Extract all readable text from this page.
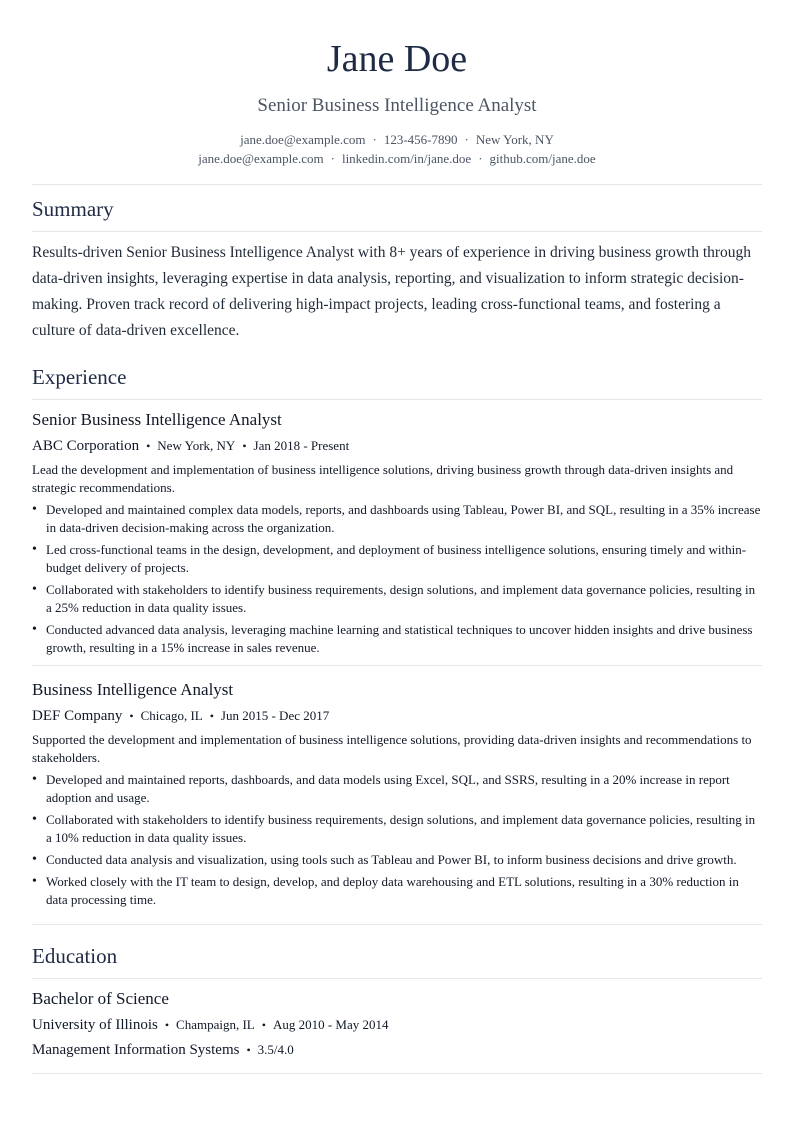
Jane Doe
Senior Business Intelligence Analyst
jane.doe@example.com · 123-456-7890 · New York, NY
jane.doe@example.com · linkedin.com/in/jane.doe · github.com/jane.doe
Summary
Results-driven Senior Business Intelligence Analyst with 8+ years of experience in driving business growth through data-driven insights, leveraging expertise in data analysis, reporting, and visualization to inform strategic decision-making. Proven track record of delivering high-impact projects, leading cross-functional teams, and fostering a culture of data-driven excellence.
Experience
Senior Business Intelligence Analyst
ABC Corporation • New York, NY • Jan 2018 - Present
Lead the development and implementation of business intelligence solutions, driving business growth through data-driven insights and strategic recommendations.
• Developed and maintained complex data models, reports, and dashboards using Tableau, Power BI, and SQL, resulting in a 35% increase in data-driven decision-making across the organization.
• Led cross-functional teams in the design, development, and deployment of business intelligence solutions, ensuring timely and within-budget delivery of projects.
• Collaborated with stakeholders to identify business requirements, design solutions, and implement data governance policies, resulting in a 25% reduction in data quality issues.
• Conducted advanced data analysis, leveraging machine learning and statistical techniques to uncover hidden insights and drive business growth, resulting in a 15% increase in sales revenue.
Business Intelligence Analyst
DEF Company • Chicago, IL • Jun 2015 - Dec 2017
Supported the development and implementation of business intelligence solutions, providing data-driven insights and recommendations to stakeholders.
• Developed and maintained reports, dashboards, and data models using Excel, SQL, and SSRS, resulting in a 20% increase in report adoption and usage.
• Collaborated with stakeholders to identify business requirements, design solutions, and implement data governance policies, resulting in a 10% reduction in data quality issues.
• Conducted data analysis and visualization, using tools such as Tableau and Power BI, to inform business decisions and drive growth.
• Worked closely with the IT team to design, develop, and deploy data warehousing and ETL solutions, resulting in a 30% reduction in data processing time.
Education
Bachelor of Science
University of Illinois • Champaign, IL • Aug 2010 - May 2014
Management Information Systems • 3.5/4.0
